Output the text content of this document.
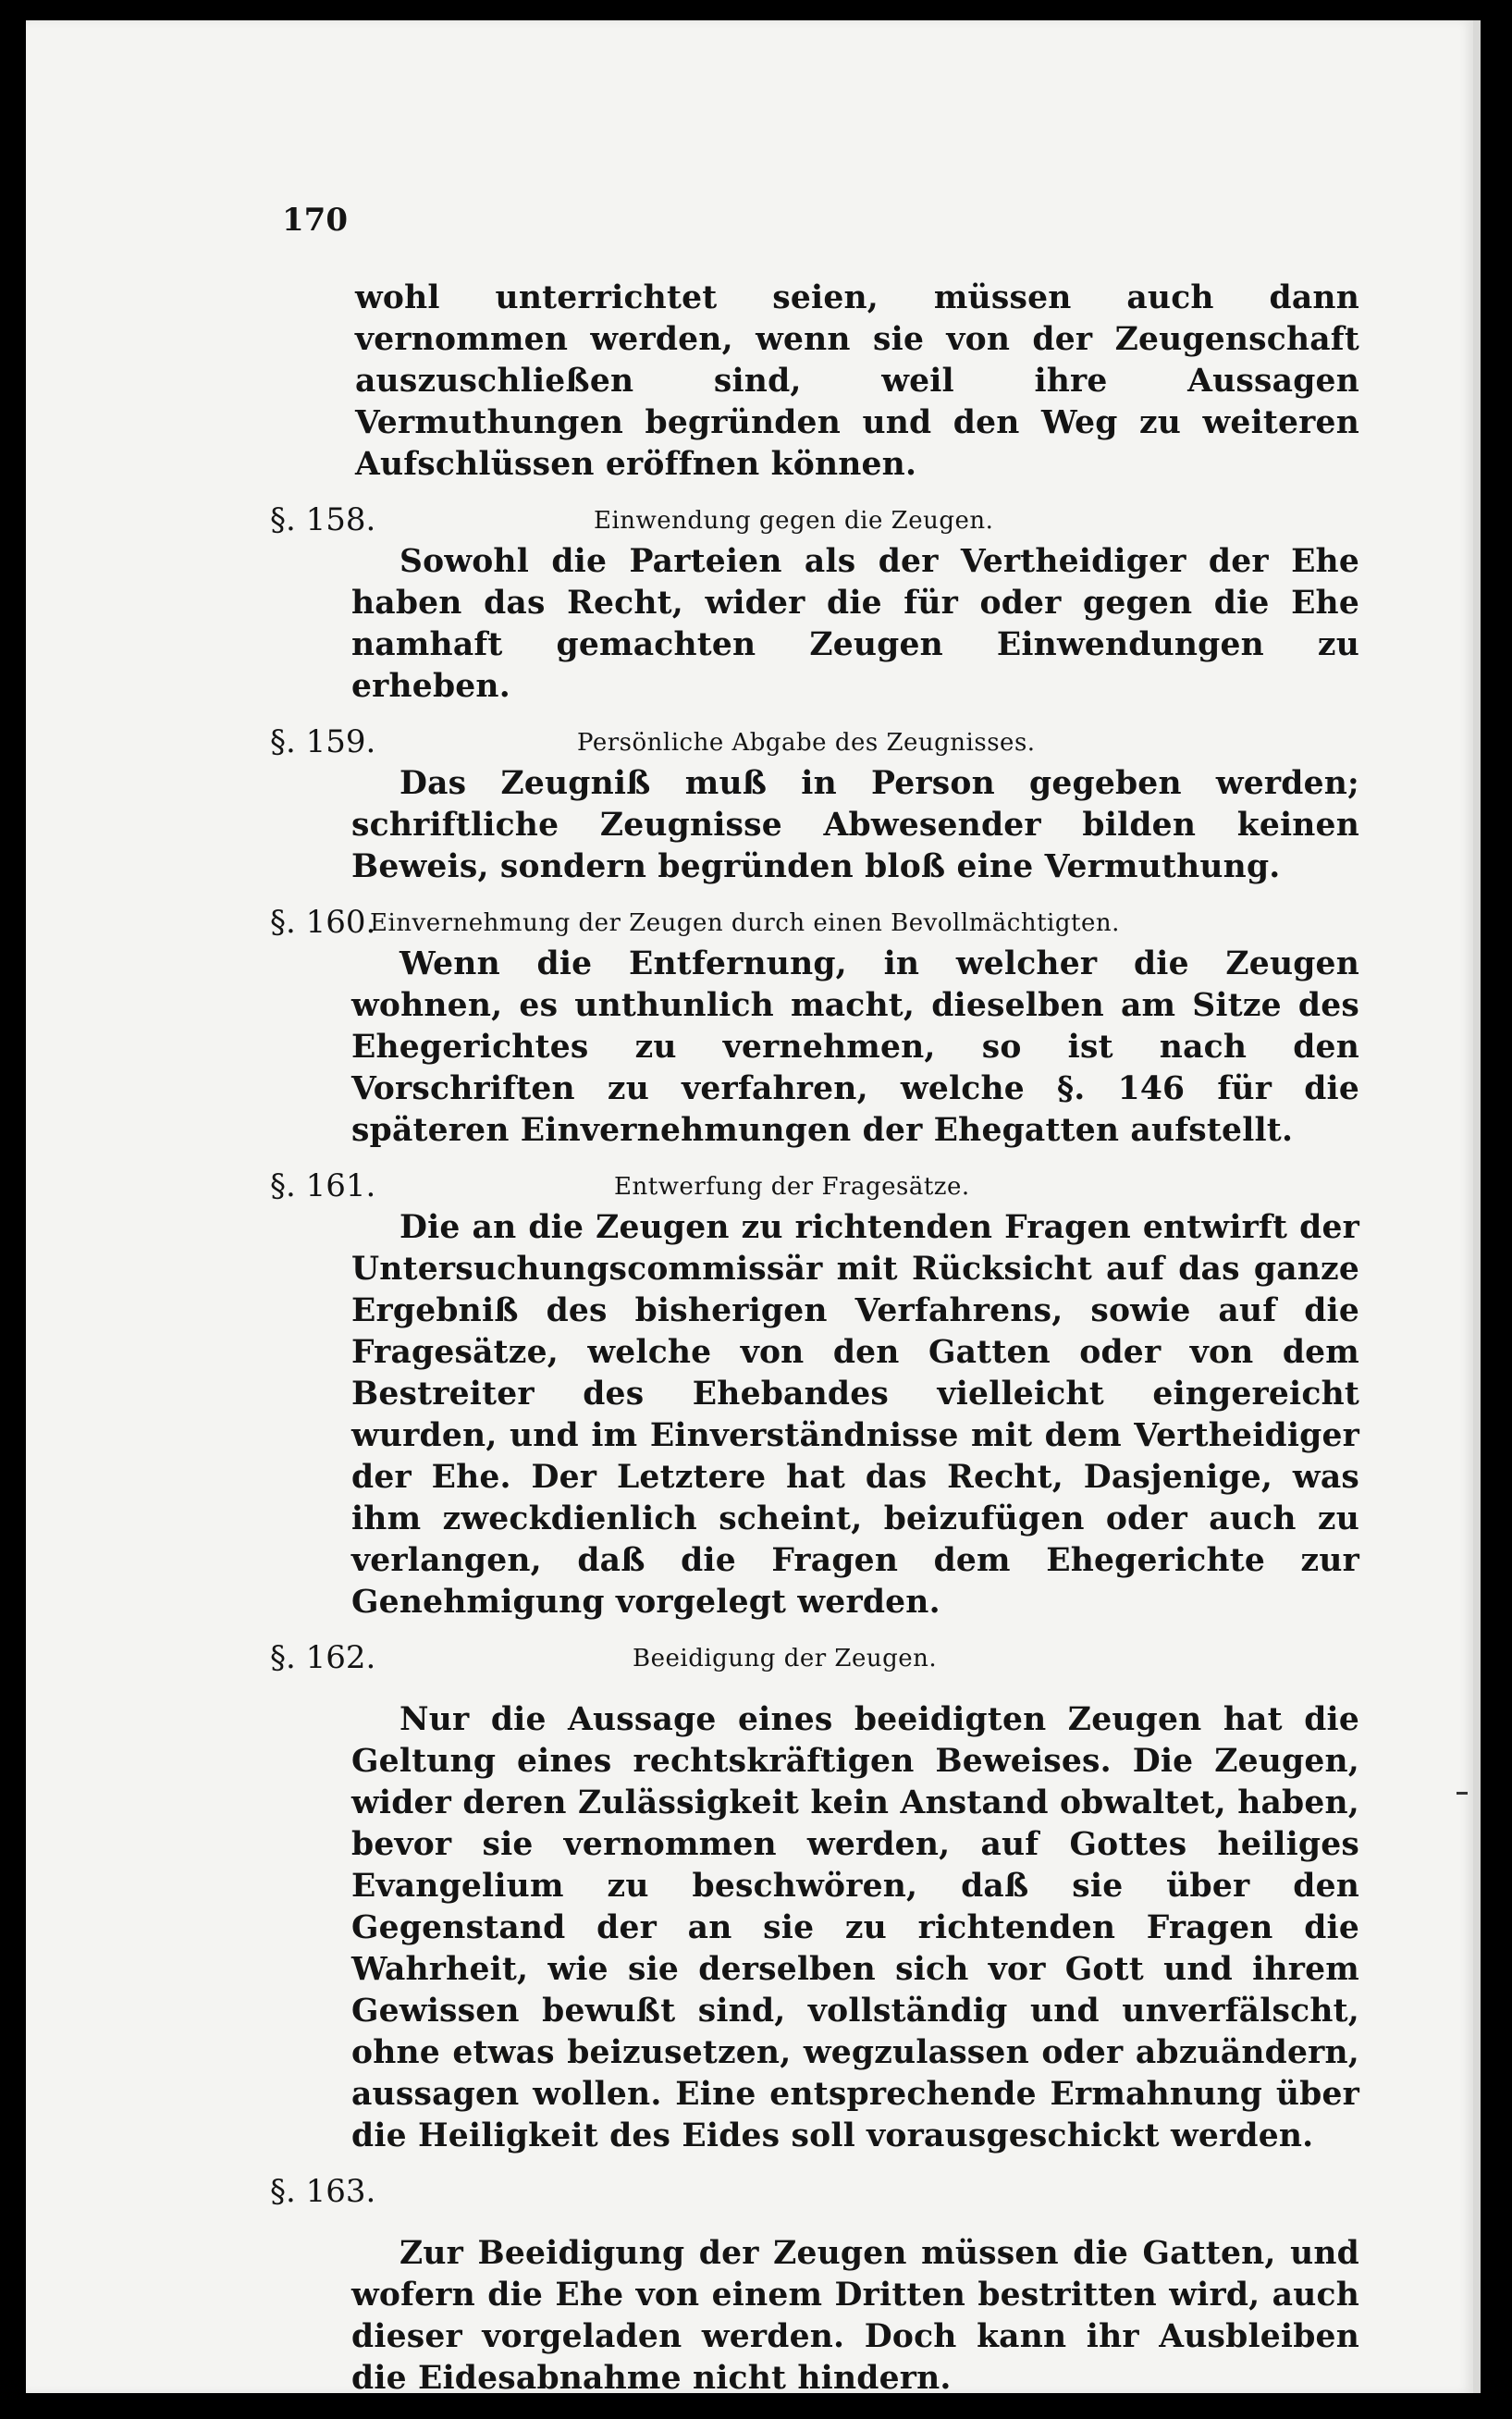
170

wohl unterrichtet seien, müssen auch dann vernommen werden, wenn sie von der Zeugenschaft auszuschließen sind, weil ihre Aussagen Vermuthungen begründen und den Weg zu weiteren Aufschlüssen eröffnen können.

§. 158.	Einwendung gegen die Zeugen.

Sowohl die Parteien als der Vertheidiger der Ehe haben das Recht, wider die für oder gegen die Ehe namhaft gemachten Zeugen Einwendungen zu erheben.

§. 159.	Persönliche Abgabe des Zeugnisses.

Das Zeugniß muß in Person gegeben werden; schriftliche Zeugnisse Abwesender bilden keinen Beweis, sondern begründen bloß eine Vermuthung.

§. 160.
Einvernehmung der Zeugen durch einen Bevollmächtigten.

Wenn die Entfernung, in welcher die Zeugen wohnen, es unthunlich macht, dieselben am Sitze des Ehegerichtes zu vernehmen, so ist nach den Vorschriften zu verfahren, welche §. 146 für die späteren Einvernehmungen der Ehegatten aufstellt.

§. 161.	Entwerfung der Fragesätze.

Die an die Zeugen zu richtenden Fragen entwirft der Untersuchungscommissär mit Rücksicht auf das ganze Ergebniß des bisherigen Verfahrens, sowie auf die Fragesätze, welche von den Gatten oder von dem Bestreiter des Ehebandes vielleicht eingereicht wurden, und im Einverständnisse mit dem Vertheidiger der Ehe. Der Letztere hat das Recht, Dasjenige, was ihm zweckdienlich scheint, beizufügen oder auch zu verlangen, daß die Fragen dem Ehegerichte zur Genehmigung vorgelegt werden.

§. 162.	Beeidigung der Zeugen.

Nur die Aussage eines beeidigten Zeugen hat die Geltung eines rechtskräftigen Beweises. Die Zeugen, wider deren Zulässigkeit kein Anstand obwaltet, haben, bevor sie vernommen werden, auf Gottes heiliges Evangelium zu beschwören, daß sie über den Gegenstand der an sie zu richtenden Fragen die Wahrheit, wie sie derselben sich vor Gott und ihrem Gewissen bewußt sind, vollständig und unverfälscht, ohne etwas beizusetzen, wegzulassen oder abzuändern, aussagen wollen. Eine entsprechende Ermahnung über die Heiligkeit des Eides soll vorausgeschickt werden.

§. 163.

Zur Beeidigung der Zeugen müssen die Gatten, und wofern die Ehe von einem Dritten bestritten wird, auch dieser vorgeladen werden. Doch kann ihr Ausbleiben die Eidesabnahme nicht hindern.
